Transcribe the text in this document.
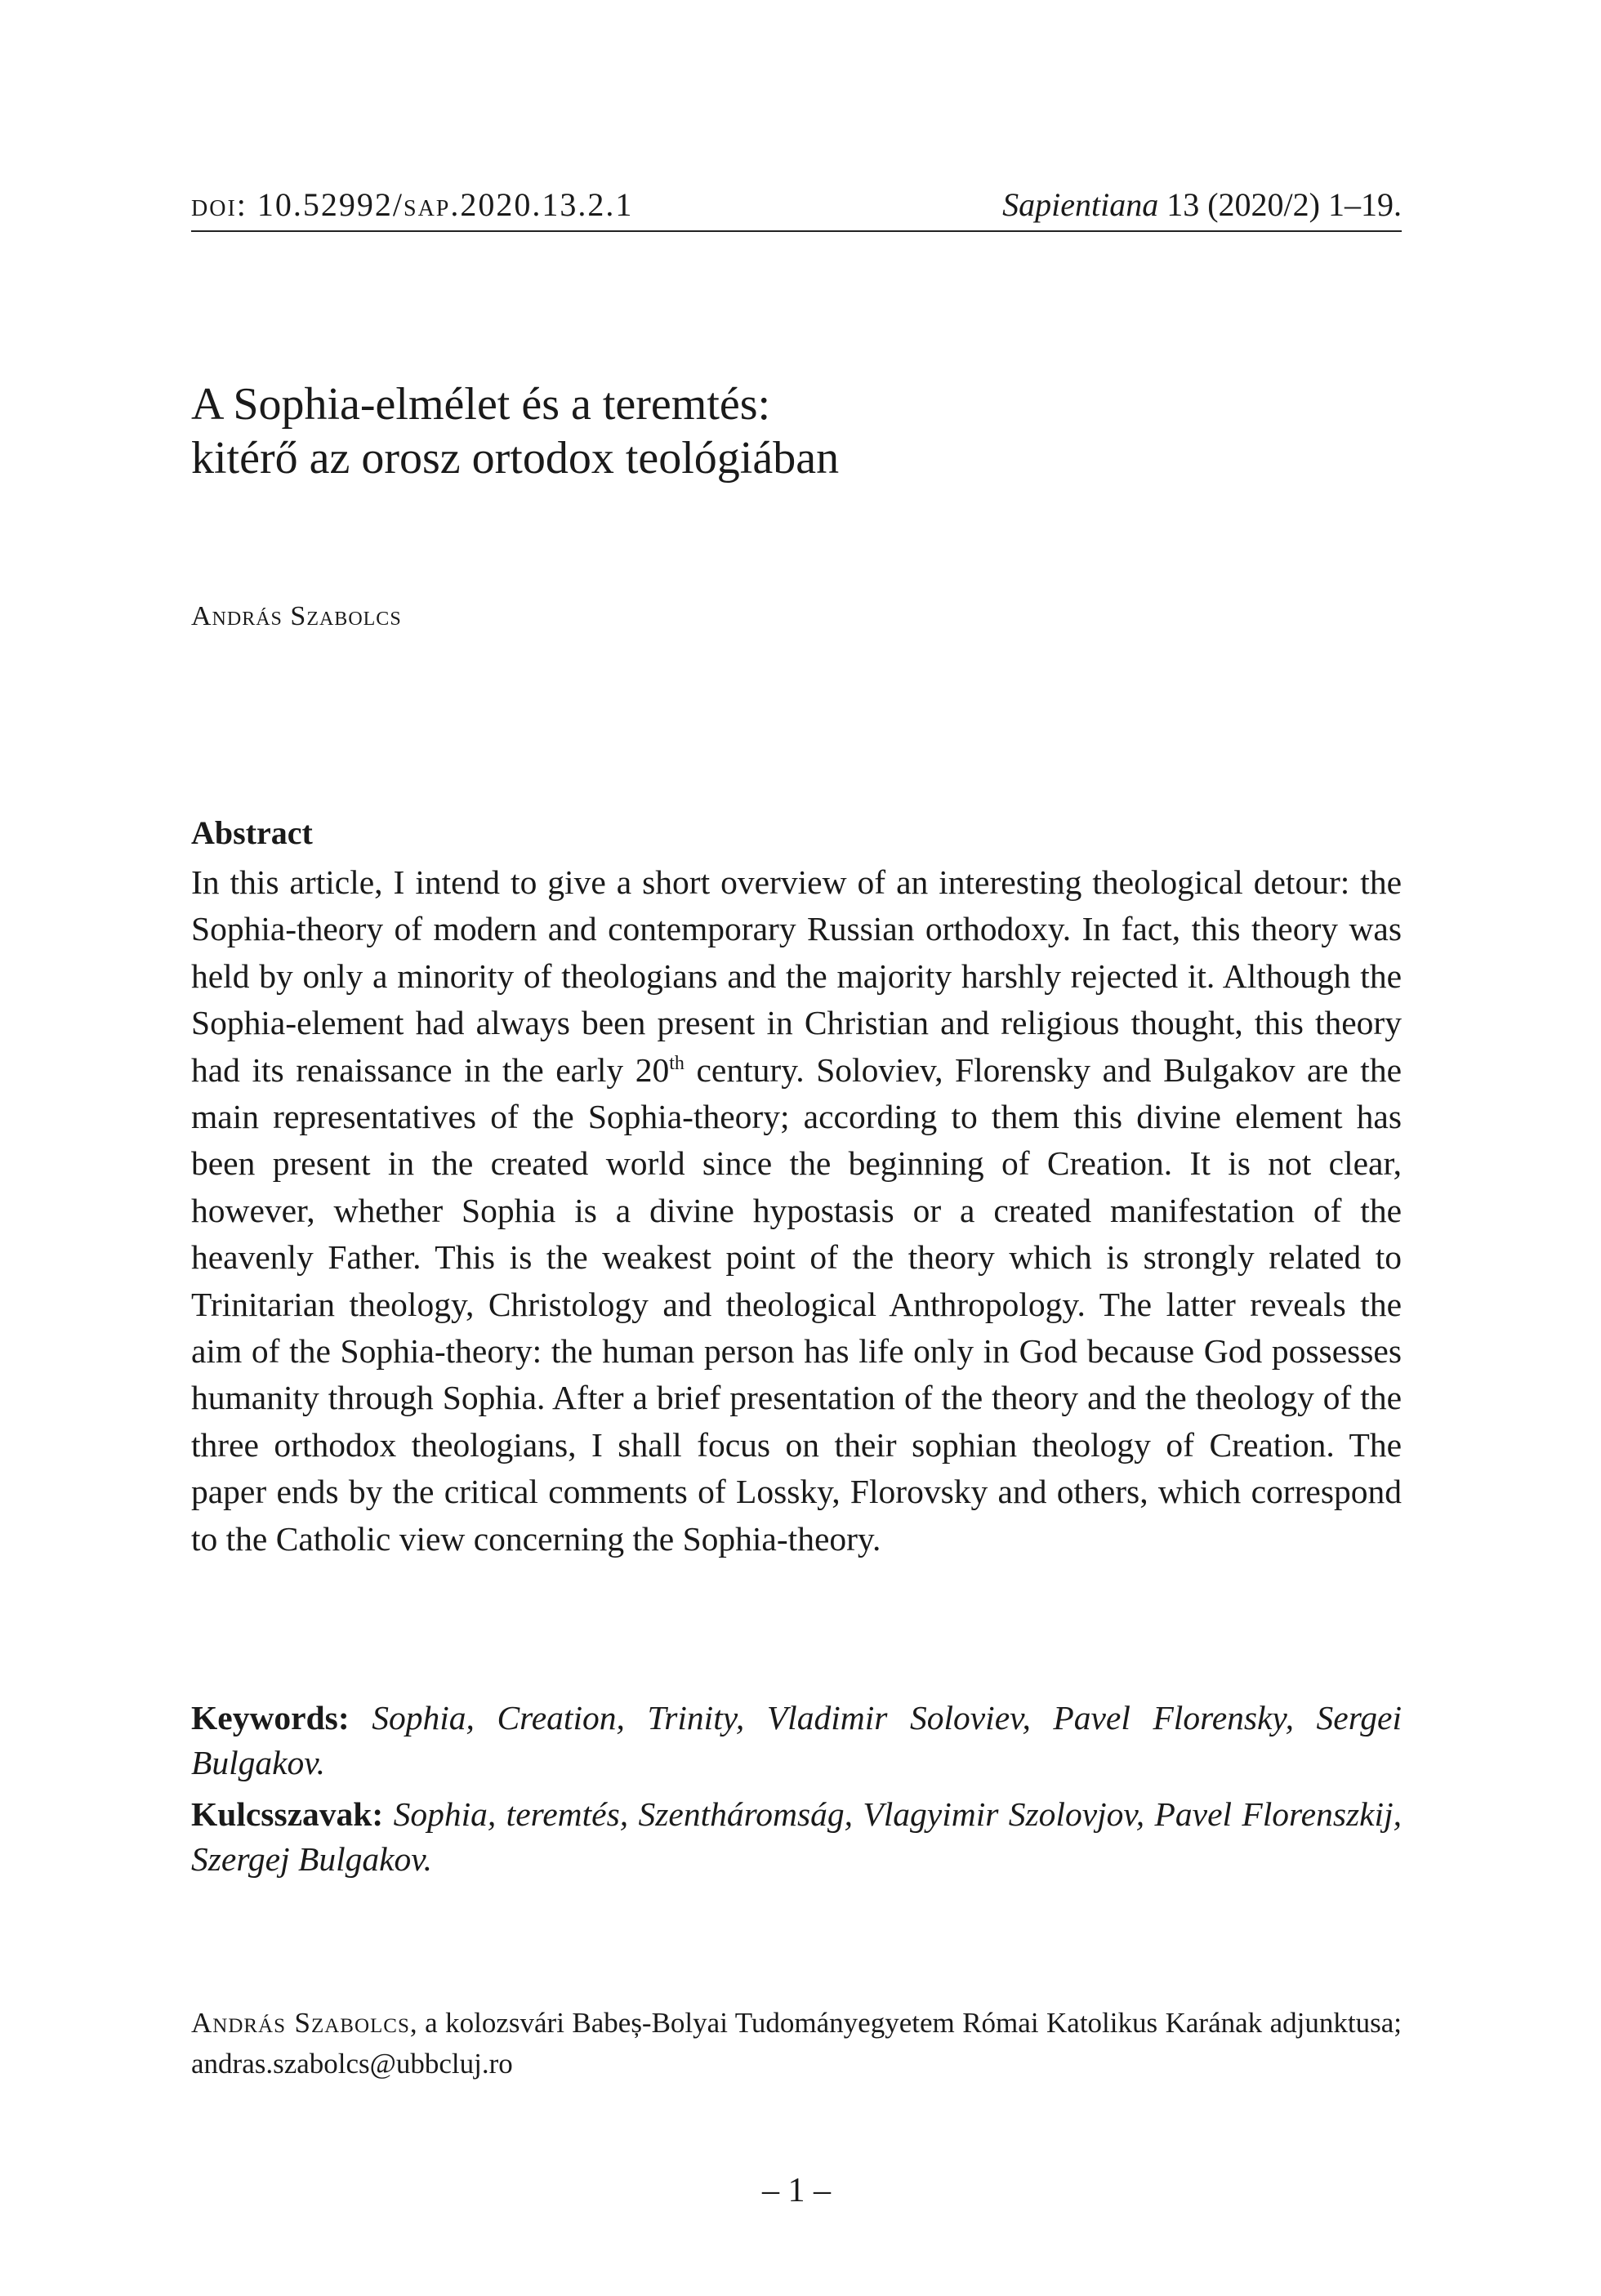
doi: 10.52992/sap.2020.13.2.1	Sapientiana 13 (2020/2) 1–19.
A Sophia-elmélet és a teremtés:
kitérő az orosz ortodox teológiában
András Szabolcs
Abstract

In this article, I intend to give a short overview of an interesting theological detour: the Sophia-theory of modern and contemporary Russian orthodoxy. In fact, this theory was held by only a minority of theologians and the majority harshly rejected it. Although the Sophia-element had always been present in Christian and religious thought, this theory had its renaissance in the early 20th century. Soloviev, Florensky and Bulgakov are the main representatives of the Sophia-theory; according to them this divine element has been present in the created world since the beginning of Creation. It is not clear, however, whether Sophia is a divine hypostasis or a created manifestation of the heavenly Father. This is the weakest point of the theory which is strongly related to Trinitarian theology, Christology and theological Anthropology. The latter reveals the aim of the Sophia-theory: the human person has life only in God because God possesses humanity through Sophia. After a brief presentation of the theory and the theology of the three orthodox theologians, I shall focus on their sophian theology of Creation. The paper ends by the critical comments of Lossky, Florovsky and others, which correspond to the Catholic view concerning the Sophia-theory.

Keywords: Sophia, Creation, Trinity, Vladimir Soloviev, Pavel Florensky, Sergei Bulgakov.

Kulcsszavak: Sophia, teremtés, Szentháromság, Vlagyimir Szolovjov, Pavel Florenszkij, Szergej Bulgakov.

András Szabolcs, a kolozsvári Babeș-Bolyai Tudományegyetem Római Katolikus Karának adjunktusa; andras.szabolcs@ubbcluj.ro

– 1 –
